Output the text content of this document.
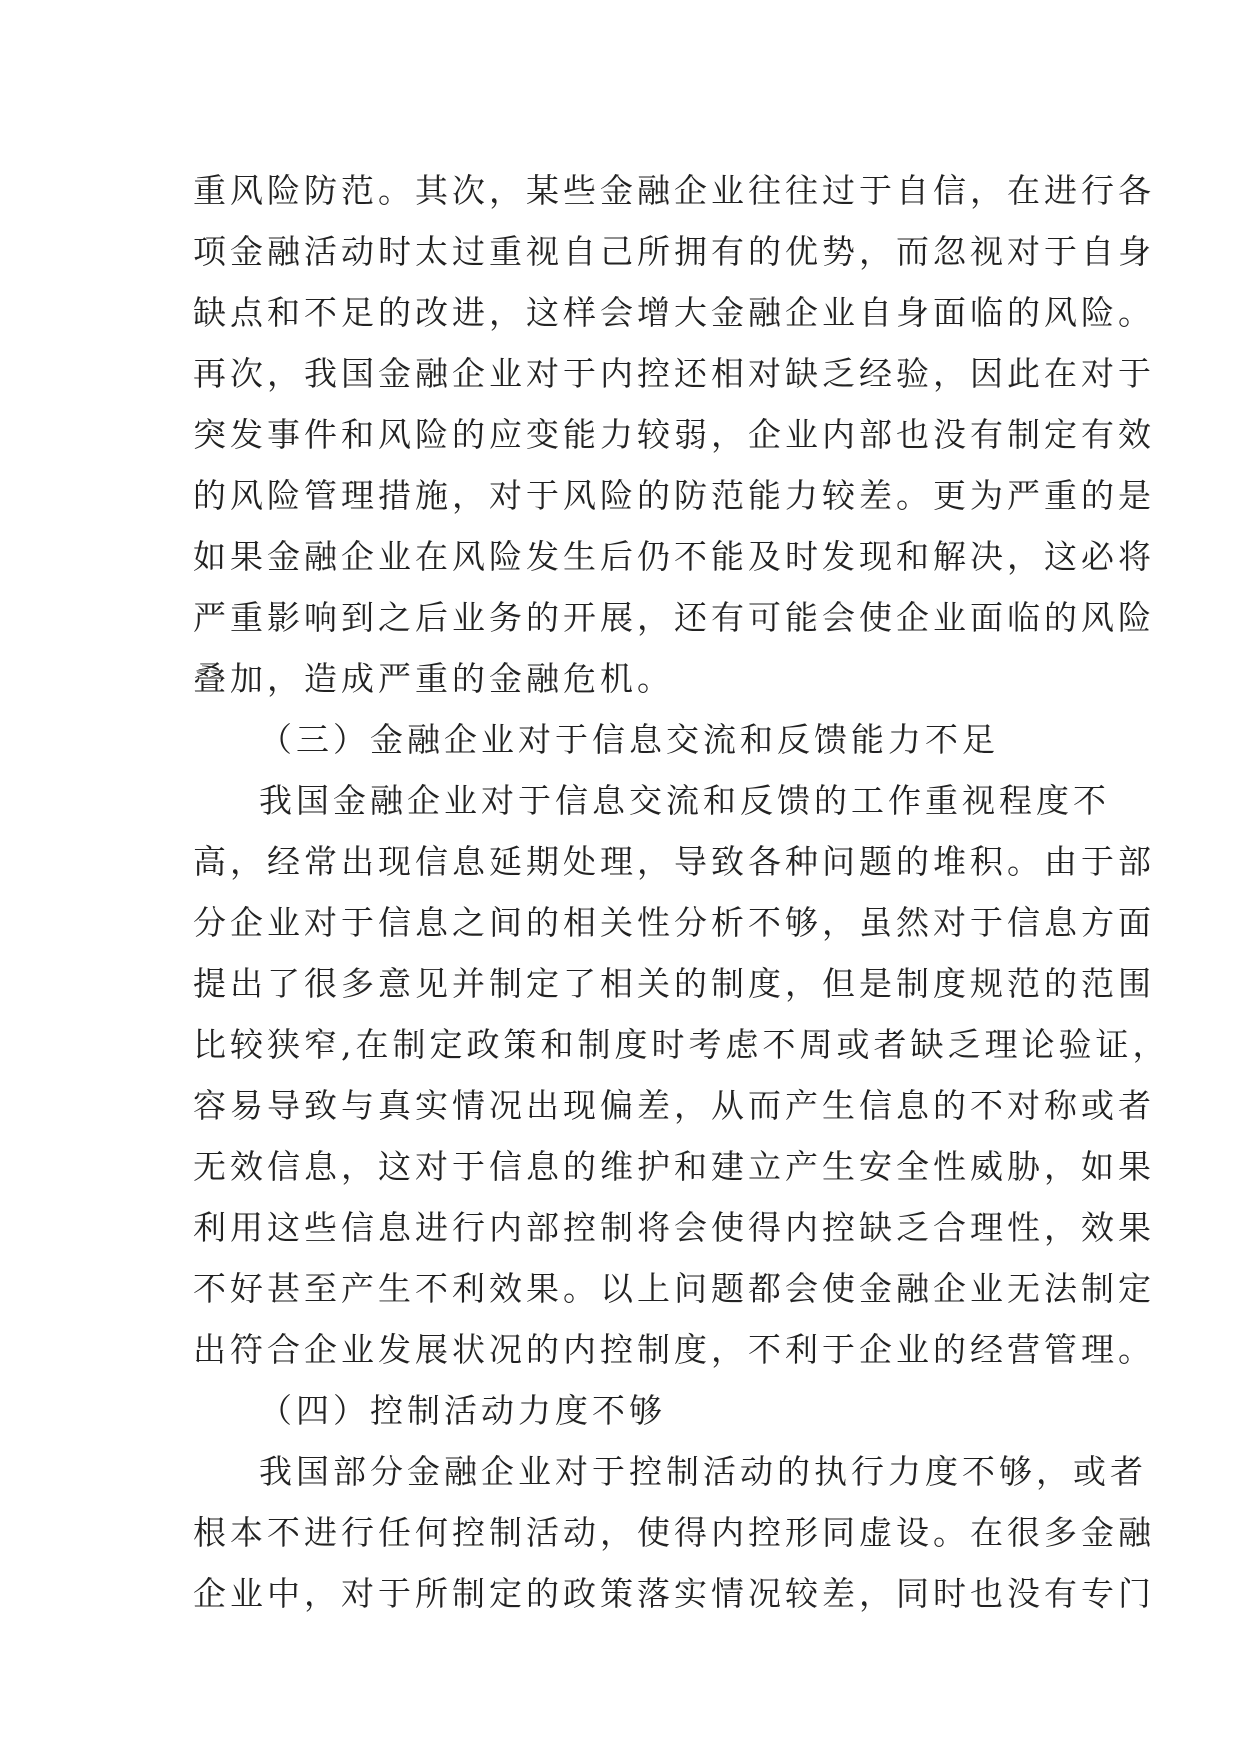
重风险防范。其次，某些金融企业往往过于自信，在进行各
项金融活动时太过重视自己所拥有的优势，而忽视对于自身
缺点和不足的改进，这样会增大金融企业自身面临的风险。
再次，我国金融企业对于内控还相对缺乏经验，因此在对于
突发事件和风险的应变能力较弱，企业内部也没有制定有效
的风险管理措施，对于风险的防范能力较差。更为严重的是
如果金融企业在风险发生后仍不能及时发现和解决，这必将
严重影响到之后业务的开展，还有可能会使企业面临的风险
叠加，造成严重的金融危机。
（三）金融企业对于信息交流和反馈能力不足
我国金融企业对于信息交流和反馈的工作重视程度不
高，经常出现信息延期处理，导致各种问题的堆积。由于部
分企业对于信息之间的相关性分析不够，虽然对于信息方面
提出了很多意见并制定了相关的制度，但是制度规范的范围
比较狭窄,在制定政策和制度时考虑不周或者缺乏理论验证，
容易导致与真实情况出现偏差，从而产生信息的不对称或者
无效信息，这对于信息的维护和建立产生安全性威胁，如果
利用这些信息进行内部控制将会使得内控缺乏合理性，效果
不好甚至产生不利效果。以上问题都会使金融企业无法制定
出符合企业发展状况的内控制度，不利于企业的经营管理。
（四）控制活动力度不够
我国部分金融企业对于控制活动的执行力度不够，或者
根本不进行任何控制活动，使得内控形同虚设。在很多金融
企业中，对于所制定的政策落实情况较差，同时也没有专门
